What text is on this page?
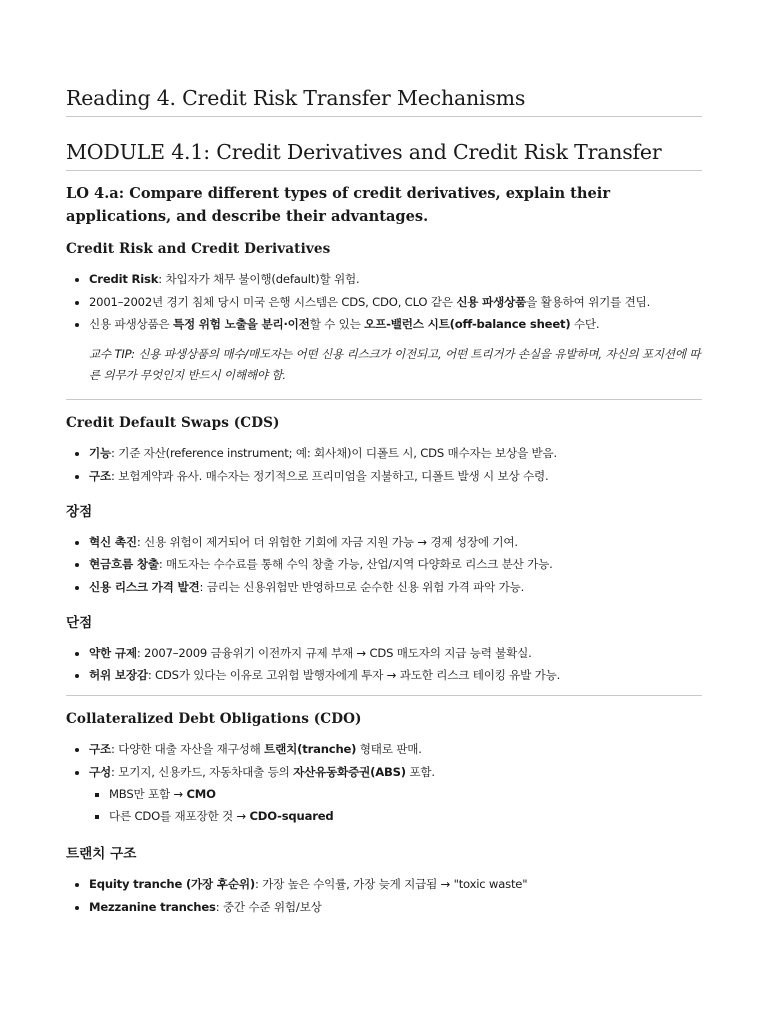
Reading 4. Credit Risk Transfer Mechanisms
MODULE 4.1: Credit Derivatives and Credit Risk Transfer

LO 4.a: Compare different types of credit derivatives, explain their applications, and describe their advantages.

Credit Risk and Credit Derivatives
• Credit Risk: 차입자가 채무 불이행(default)할 위험.
• 2001–2002년 경기 침체 당시 미국 은행 시스템은 CDS, CDO, CLO 같은 신용 파생상품을 활용하여 위기를 견딤.
• 신용 파생상품은 특정 위험 노출을 분리·이전할 수 있는 오프-밸런스 시트(off-balance sheet) 수단.

교수 TIP: 신용 파생상품의 매수/매도자는 어떤 신용 리스크가 이전되고, 어떤 트리거가 손실을 유발하며, 자신의 포지션에 따른 의무가 무엇인지 반드시 이해해야 함.

Credit Default Swaps (CDS)
• 기능: 기준 자산(reference instrument; 예: 회사채)이 디폴트 시, CDS 매수자는 보상을 받음.
• 구조: 보험계약과 유사. 매수자는 정기적으로 프리미엄을 지불하고, 디폴트 발생 시 보상 수령.
장점
• 혁신 촉진: 신용 위험이 제거되어 더 위험한 기회에 자금 지원 가능 → 경제 성장에 기여.
• 현금흐름 창출: 매도자는 수수료를 통해 수익 창출 가능, 산업/지역 다양화로 리스크 분산 가능.
• 신용 리스크 가격 발견: 금리는 신용위험만 반영하므로 순수한 신용 위험 가격 파악 가능.
단점
• 약한 규제: 2007–2009 금융위기 이전까지 규제 부재 → CDS 매도자의 지급 능력 불확실.
• 허위 보장감: CDS가 있다는 이유로 고위험 발행자에게 투자 → 과도한 리스크 테이킹 유발 가능.
Collateralized Debt Obligations (CDO)
• 구조: 다양한 대출 자산을 재구성해 트랜치(tranche) 형태로 판매.
• 구성: 모기지, 신용카드, 자동차대출 등의 자산유동화증권(ABS) 포함.
▪ MBS만 포함 → CMO
▪ 다른 CDO를 재포장한 것 → CDO-squared
트랜치 구조
• Equity tranche (가장 후순위): 가장 높은 수익률, 가장 늦게 지급됨 → "toxic waste"
• Mezzanine tranches: 중간 수준 위험/보상
